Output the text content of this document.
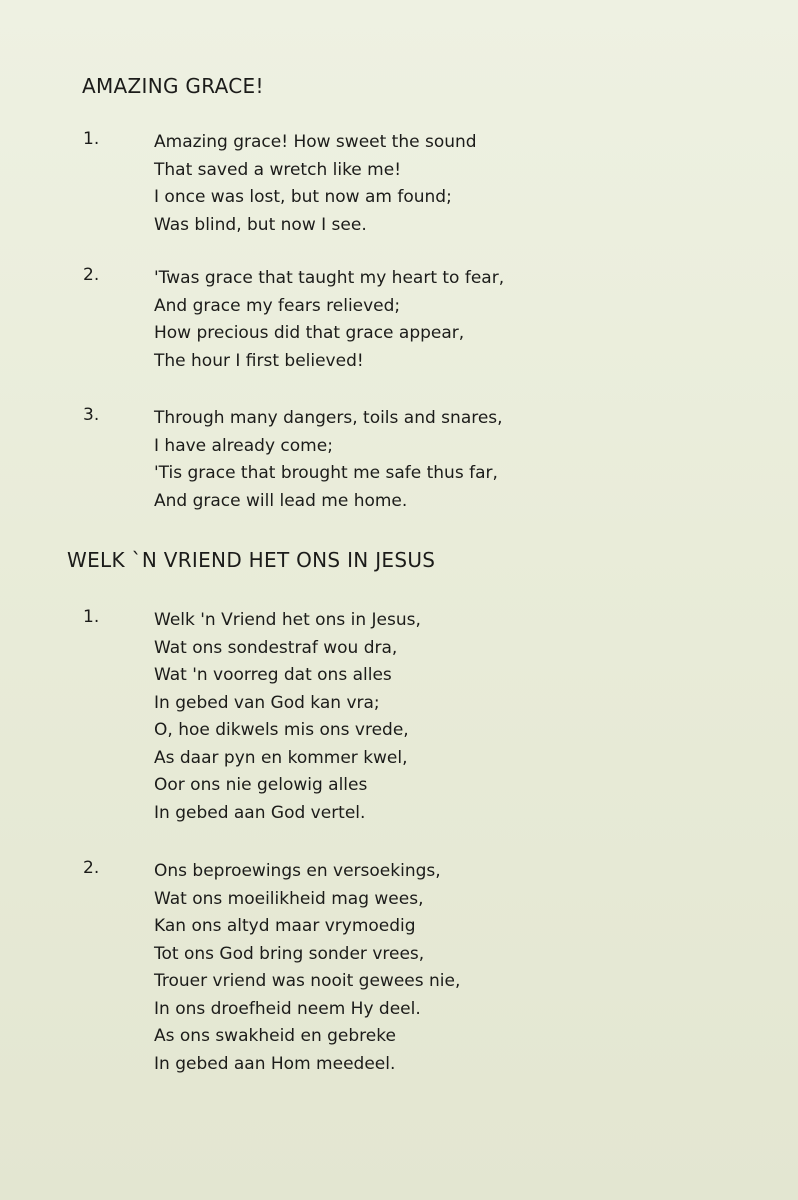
AMAZING GRACE!
1.	Amazing grace! How sweet the sound
That saved a wretch like me!
I once was lost, but now am found;
Was blind, but now I see.
2.	'Twas grace that taught my heart to fear,
And grace my fears relieved;
How precious did that grace appear,
The hour I first believed!
3.	Through many dangers, toils and snares,
I have already come;
'Tis grace that brought me safe thus far,
And grace will lead me home.
WELK `N VRIEND HET ONS IN JESUS
1.	Welk 'n Vriend het ons in Jesus,
Wat ons sondestraf wou dra,
Wat 'n voorreg dat ons alles
In gebed van God kan vra;
O, hoe dikwels mis ons vrede,
As daar pyn en kommer kwel,
Oor ons nie gelowig alles
In gebed aan God vertel.
2.	Ons beproewings en versoekings,
Wat ons moeilikheid mag wees,
Kan ons altyd maar vrymoedig
Tot ons God bring sonder vrees,
Trouer vriend was nooit gewees nie,
In ons droefheid neem Hy deel.
As ons swakheid en gebreke
In gebed aan Hom meedeel.
